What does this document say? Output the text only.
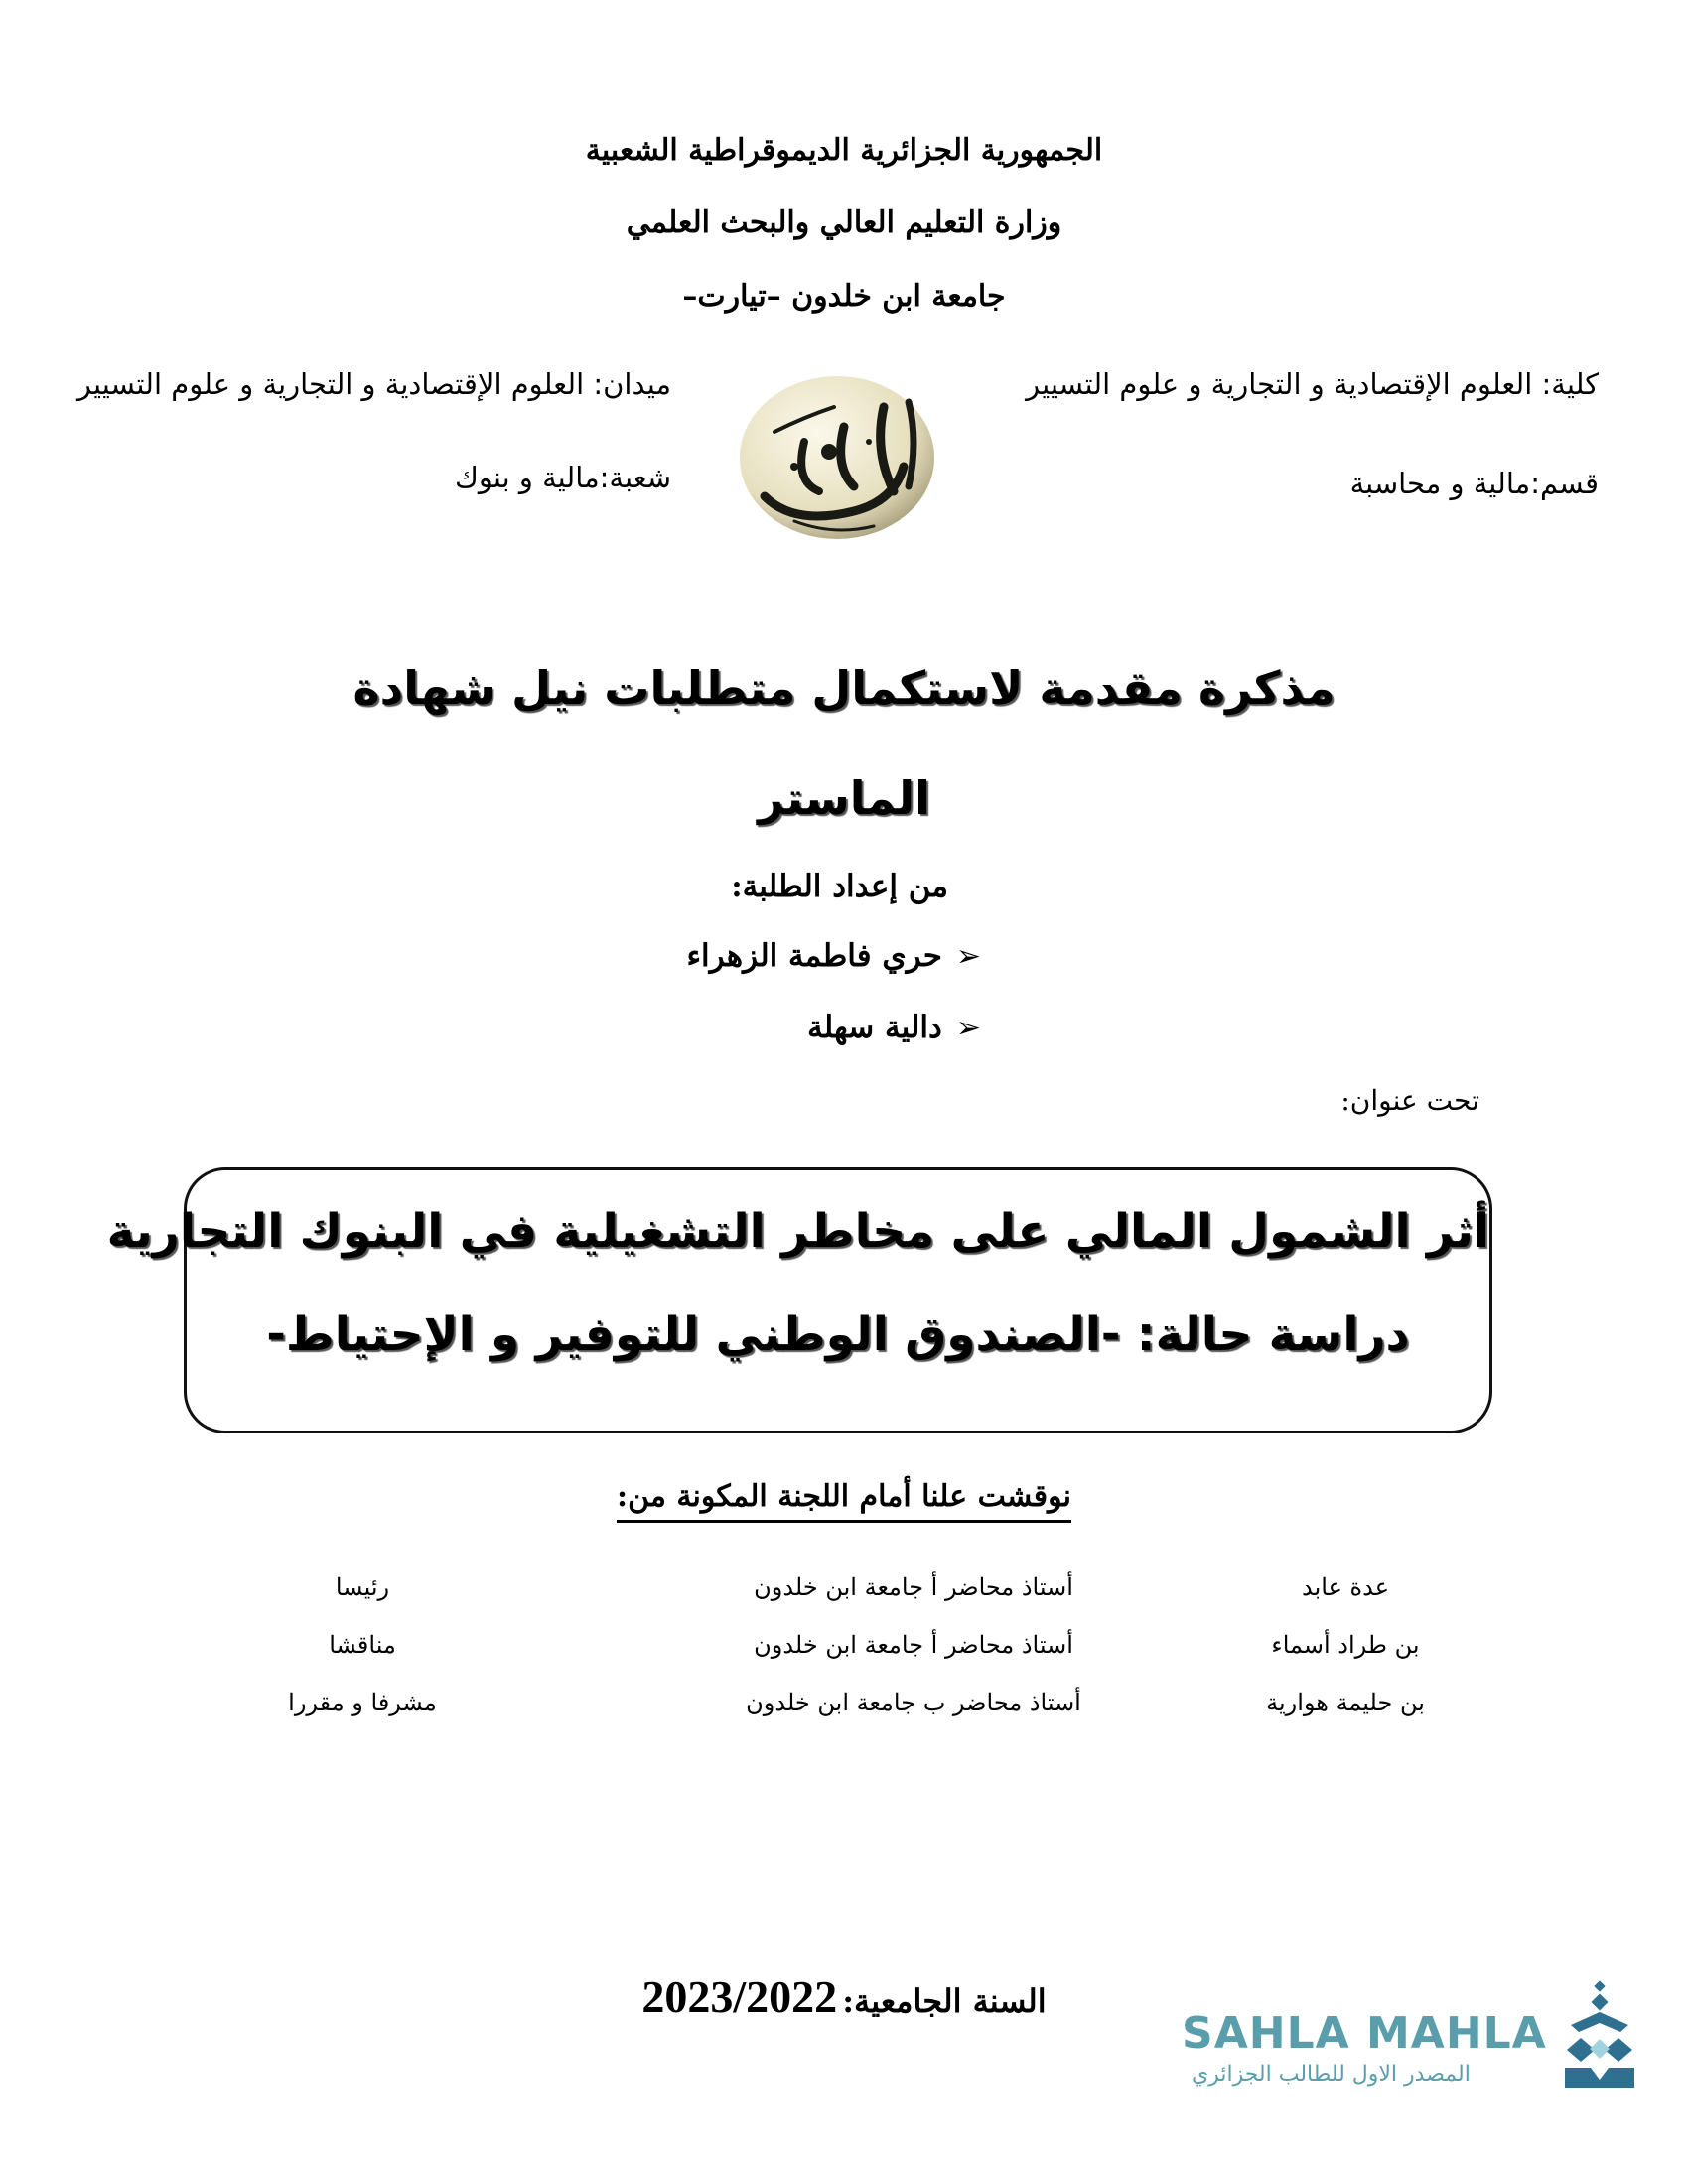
الجمهورية الجزائرية الديموقراطية الشعبية
وزارة التعليم العالي والبحث العلمي
جامعة ابن خلدون –تيارت–
كلية: العلوم الإقتصادية و التجارية و علوم التسيير
قسم:مالية و محاسبة
ميدان: العلوم الإقتصادية و التجارية و علوم التسيير
شعبة:مالية و بنوك
مذكرة مقدمة لاستكمال متطلبات نيل شهادة
الماستر
من إعداد الطلبة:
➢حري فاطمة الزهراء
➢دالية سهلة
تحت عنوان:
أثر الشمول المالي على مخاطر التشغيلية في البنوك التجارية
دراسة حالة: -الصندوق الوطني للتوفير و الإحتياط-
نوقشت علنا أمام اللجنة المكونة من:
عدة عابد
أستاذ محاضر أ جامعة ابن خلدون
رئيسا
بن طراد أسماء
أستاذ محاضر أ جامعة ابن خلدون
مناقشا
بن حليمة هوارية
أستاذ محاضر ب جامعة ابن خلدون
مشرفا و مقررا
السنة الجامعية: 2023/2022
SAHLA MAHLA
المصدر الاول للطالب الجزائري
